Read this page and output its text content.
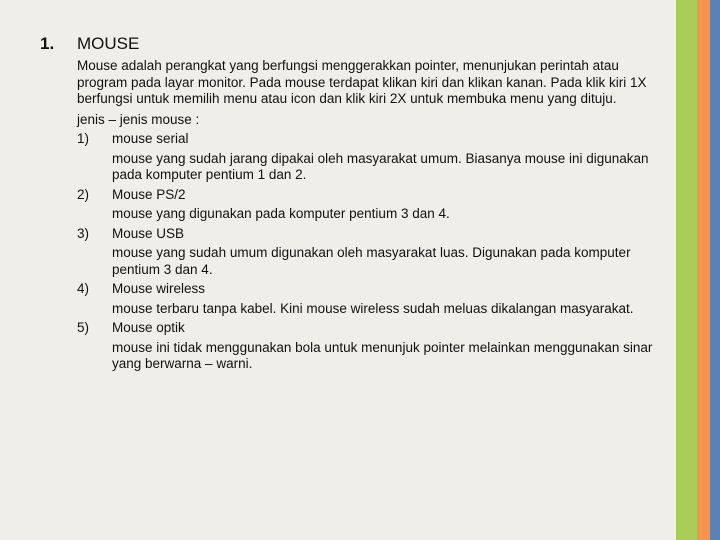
1. MOUSE

Mouse adalah perangkat yang berfungsi menggerakkan pointer, menunjukan perintah atau program pada layar monitor. Pada mouse terdapat klikan kiri dan klikan kanan. Pada klik kiri 1X berfungsi untuk memilih menu atau icon dan klik kiri 2X untuk membuka menu yang dituju.

jenis – jenis mouse :

1) mouse serial
mouse yang sudah jarang dipakai oleh masyarakat umum. Biasanya mouse ini digunakan pada komputer pentium 1 dan 2.
2) Mouse PS/2
mouse yang digunakan pada komputer pentium 3 dan 4.
3) Mouse USB
mouse yang sudah umum digunakan oleh masyarakat luas. Digunakan pada komputer pentium 3 dan 4.
4) Mouse wireless
mouse terbaru tanpa kabel. Kini mouse wireless sudah meluas dikalangan masyarakat.
5) Mouse optik
mouse ini tidak menggunakan bola untuk menunjuk pointer melainkan menggunakan sinar yang berwarna – warni.
